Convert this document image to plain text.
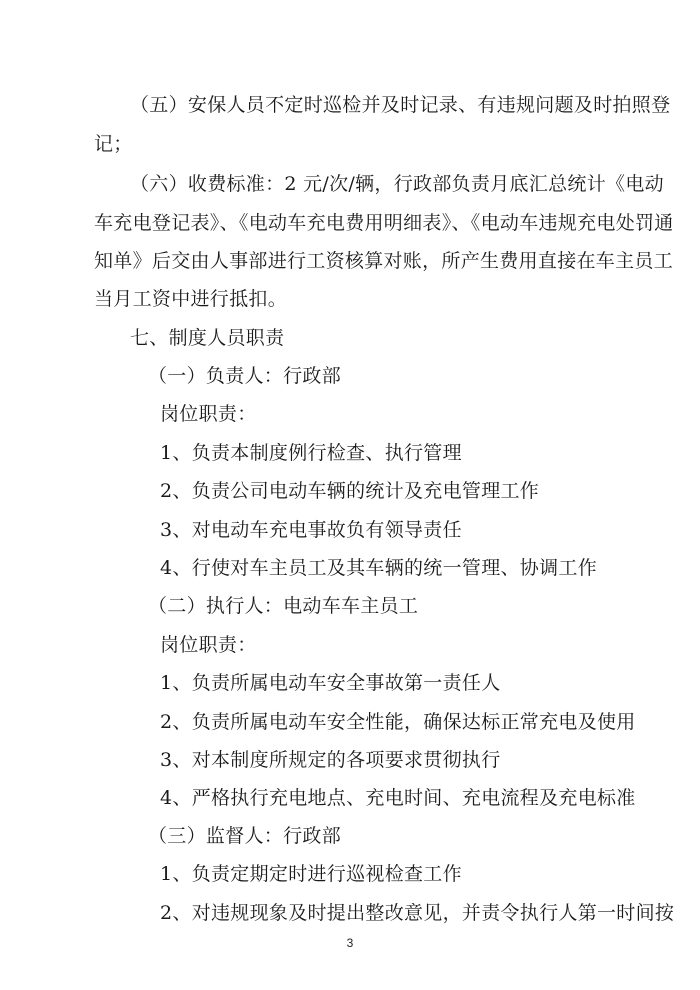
（五）安保人员不定时巡检并及时记录、有违规问题及时拍照登
记；
（六）收费标准：2 元/次/辆，行政部负责月底汇总统计《电动
车充电登记表》、《电动车充电费用明细表》、《电动车违规充电处罚通
知单》后交由人事部进行工资核算对账，所产生费用直接在车主员工
当月工资中进行抵扣。
七、制度人员职责
（一）负责人：行政部
岗位职责：
1、负责本制度例行检查、执行管理
2、负责公司电动车辆的统计及充电管理工作
3、对电动车充电事故负有领导责任
4、行使对车主员工及其车辆的统一管理、协调工作
（二）执行人：电动车车主员工
岗位职责：
1、负责所属电动车安全事故第一责任人
2、负责所属电动车安全性能，确保达标正常充电及使用
3、对本制度所规定的各项要求贯彻执行
4、严格执行充电地点、充电时间、充电流程及充电标准
（三）监督人：行政部
1、负责定期定时进行巡视检查工作
2、对违规现象及时提出整改意见，并责令执行人第一时间按
3
